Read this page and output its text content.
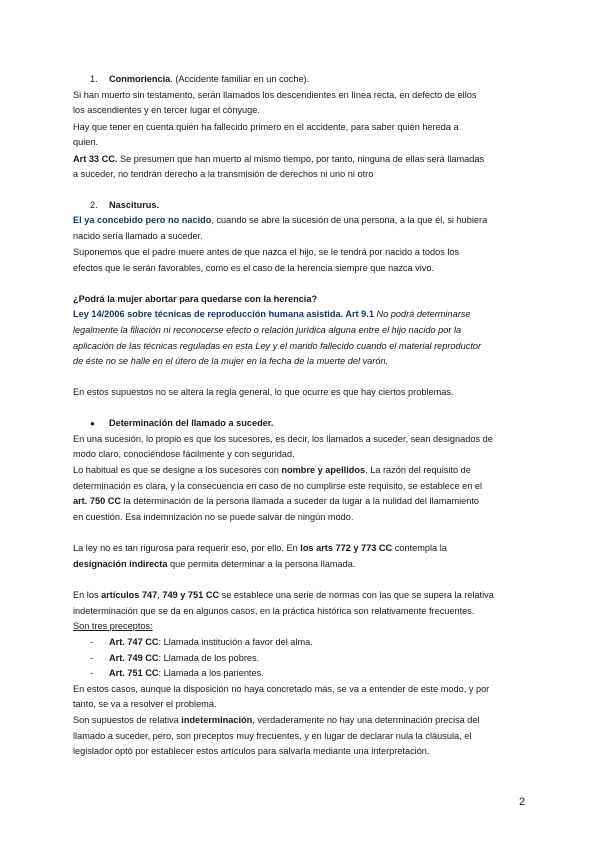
1. Conmoriencia. (Accidente familiar en un coche).
Si han muerto sin testamento, serán llamados los descendientes en línea recta, en defecto de ellos
los ascendientes y en tercer lugar el cónyuge.
Hay que tener en cuenta quién ha fallecido primero en el accidente, para saber quién hereda a
quien.
Art 33 CC. Se presumen que han muerto al mismo tiempo, por tanto, ninguna de ellas será llamadas
a suceder, no tendrán derecho a la transmisión de derechos ni uno ni otro
2. Nasciturus.
El ya concebido pero no nacido, cuando se abre la sucesión de una persona, a la que él, si hubiera
nacido sería llamado a suceder.
Suponemos que el padre muere antes de que nazca el hijo, se le tendrá por nacido a todos los
efectos que le serán favorables, como es el caso de la herencia siempre que nazca vivo.
¿Podrá la mujer abortar para quedarse con la herencia?
Ley 14/2006 sobre técnicas de reproducción humana asistida. Art 9.1 No podrá determinarse
legalmente la filiación ni reconocerse efecto o relación jurídica alguna entre el hijo nacido por la
aplicación de las técnicas reguladas en esta Ley y el marido fallecido cuando el material reproductor
de éste no se halle en el útero de la mujer en la fecha de la muerte del varón.
En estos supuestos no se altera la regla general, lo que ocurre es que hay ciertos problemas.
● Determinación del llamado a suceder.
En una sucesión, lo propio es que los sucesores, es decir, los llamados a suceder, sean designados de
modo claro, conociéndose fácilmente y con seguridad.
Lo habitual es que se designe a los sucesores con nombre y apellidos. La razón del requisito de
determinación es clara, y la consecuencia en caso de no cumplirse este requisito, se establece en el
art. 750 CC la determinación de la persona llamada a suceder da lugar a la nulidad del llamamiento
en cuestión. Esa indemnización no se puede salvar de ningún modo.
La ley no es tan rigurosa para requerir eso, por ello. En los arts 772 y 773 CC contempla la
designación indirecta que permita determinar a la persona llamada.
En los artículos 747, 749 y 751 CC se establece una serie de normas con las que se supera la relativa
indeterminación que se da en algunos casos, en la práctica histórica son relativamente frecuentes.
Son tres preceptos:
- Art. 747 CC: Llamada institución a favor del alma.
- Art. 749 CC: Llamada de los pobres.
- Art. 751 CC: Llamada a los parientes.
En estos casos, aunque la disposición no haya concretado más, se va a entender de este modo, y por
tanto, se va a resolver el problema.
Son supuestos de relativa indeterminación, verdaderamente no hay una determinación precisa del
llamado a suceder, pero, son preceptos muy frecuentes, y en lugar de declarar nula la cláusula, el
legislador optó por establecer estos artículos para salvarla mediante una interpretación.
2
